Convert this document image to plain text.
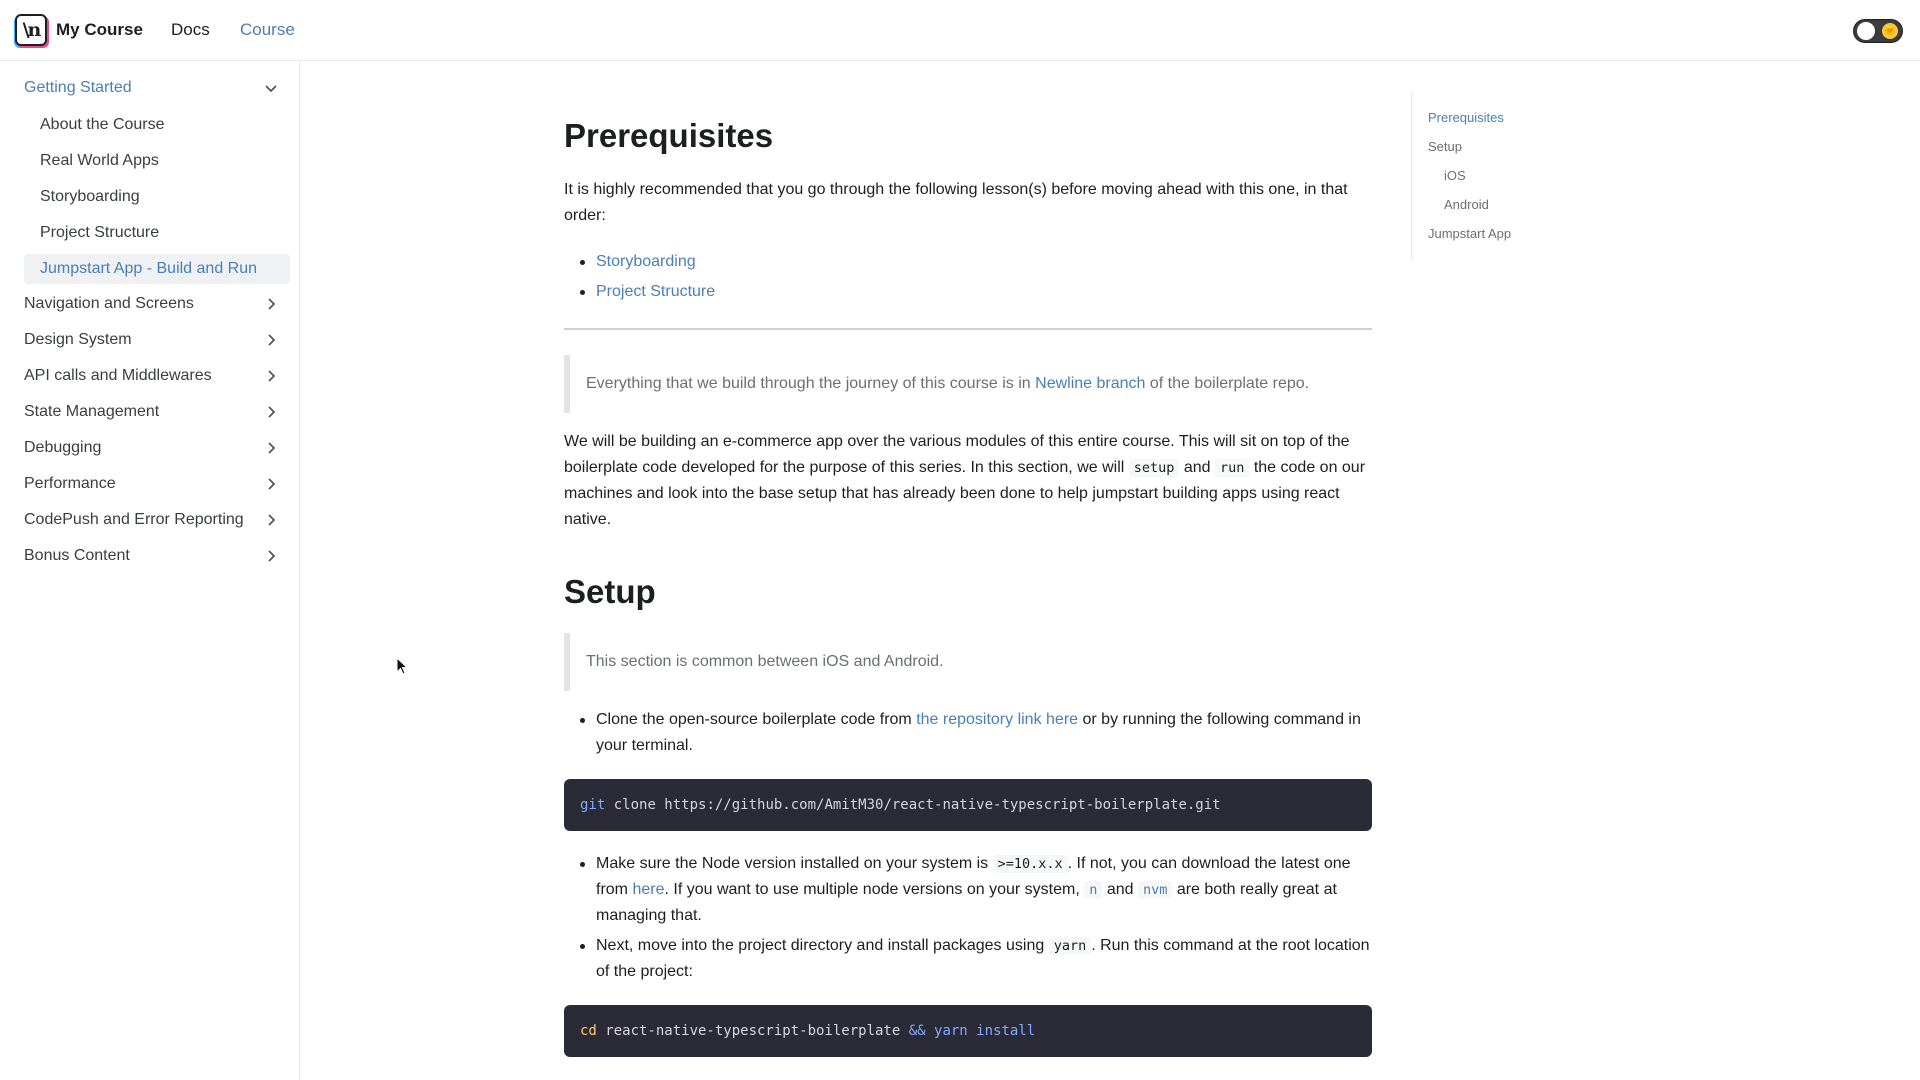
\n My Course Docs Course	🌞
Getting Started
About the Course
Real World Apps
Storyboarding
Project Structure
Jumpstart App - Build and Run
Navigation and Screens
Design System
API calls and Middlewares
State Management
Debugging
Performance
CodePush and Error Reporting
Bonus Content
Prerequisites

It is highly recommended that you go through the following lesson(s) before moving ahead with this one, in that order:

Storyboarding
Project Structure
Everything that we build through the journey of this course is in Newline branch of the boilerplate repo.

We will be building an e-commerce app over the various modules of this entire course. This will sit on top of the boilerplate code developed for the purpose of this series. In this section, we will setup and run the code on our machines and look into the base setup that has already been done to help jumpstart building apps using react native.

Setup
This section is common between iOS and Android.
Clone the open-source boilerplate code from the repository link here or by running the following command in your terminal.
git clone https://github.com/AmitM30/react-native-typescript-boilerplate.git
Make sure the Node version installed on your system is >=10.x.x . If not, you can download the latest one from here. If you want to use multiple node versions on your system, n and nvm are both really great at managing that.
Next, move into the project directory and install packages using yarn . Run this command at the root location of the project:
cd react-native-typescript-boilerplate && yarn install
Prerequisites
Setup
iOS
Android
Jumpstart App
